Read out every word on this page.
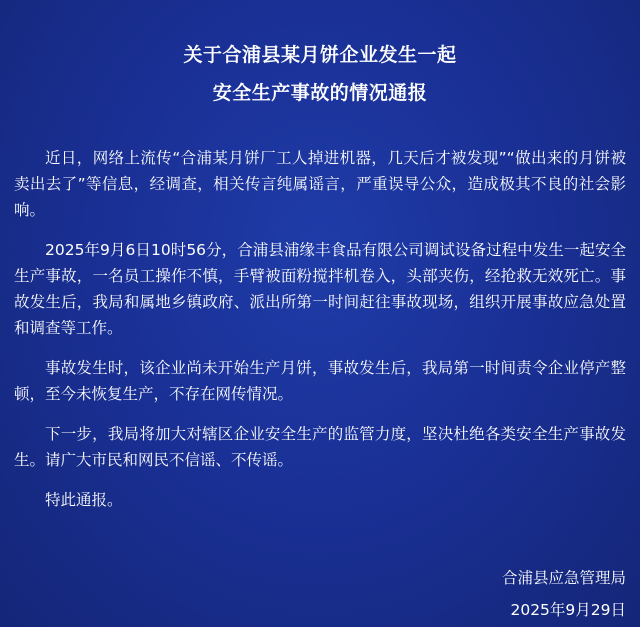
关于合浦县某月饼企业发生一起
安全生产事故的情况通报

近日，网络上流传“合浦某月饼厂工人掉进机器，几天后才被发现”“做出来的月饼被卖出去了”等信息，经调查，相关传言纯属谣言，严重误导公众，造成极其不良的社会影响。

2025年9月6日10时56分，合浦县浦缘丰食品有限公司调试设备过程中发生一起安全生产事故，一名员工操作不慎，手臂被面粉搅拌机卷入，头部夹伤，经抢救无效死亡。事故发生后，我局和属地乡镇政府、派出所第一时间赶往事故现场，组织开展事故应急处置和调查等工作。

事故发生时，该企业尚未开始生产月饼，事故发生后，我局第一时间责令企业停产整顿，至今未恢复生产，不存在网传情况。

下一步，我局将加大对辖区企业安全生产的监管力度，坚决杜绝各类安全生产事故发生。请广大市民和网民不信谣、不传谣。

特此通报。

合浦县应急管理局
2025年9月29日
